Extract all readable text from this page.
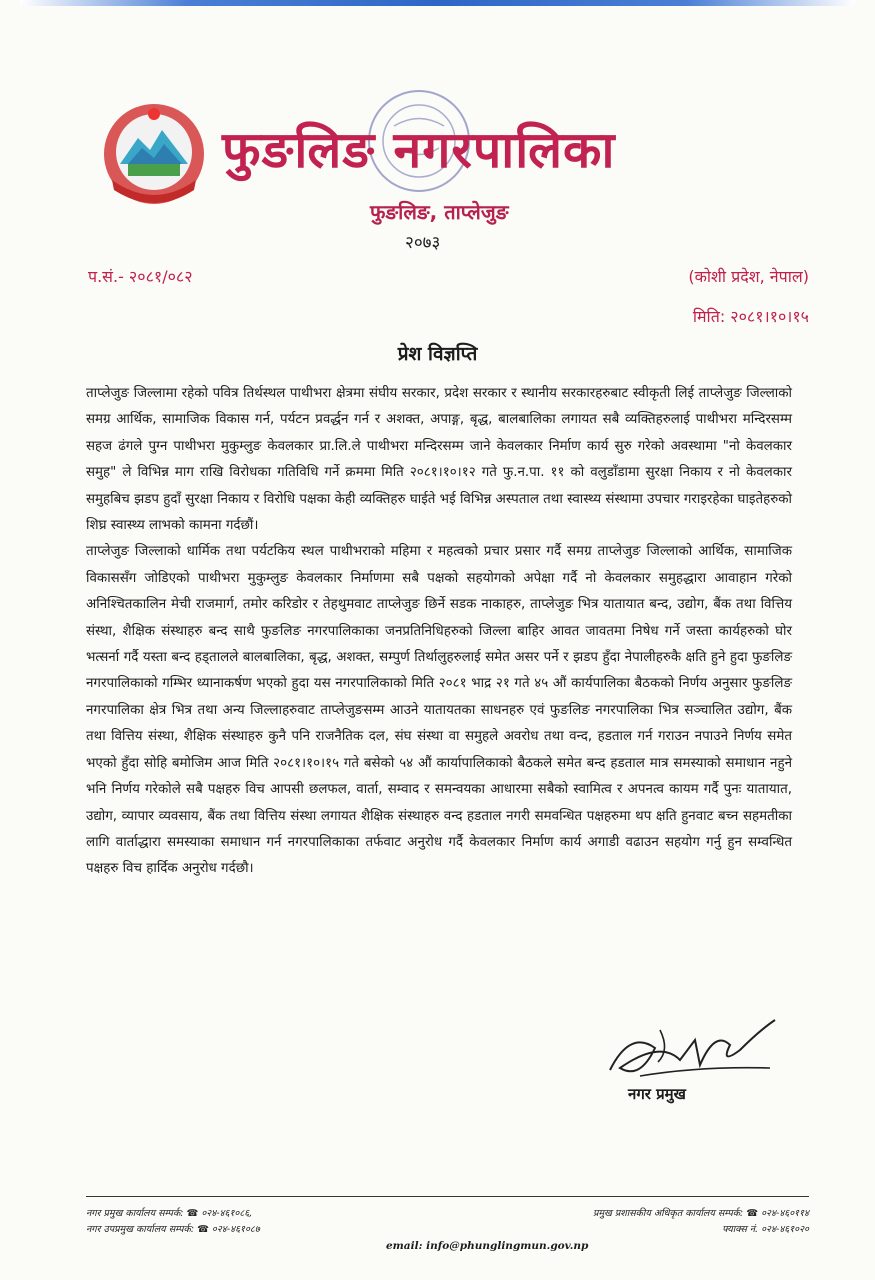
फुङलिङ नगरपालिका
फुङलिङ, ताप्लेजुङ
२०७३
प.सं.- २०८१/०८२	(कोशी प्रदेश, नेपाल)
मिति: २०८१।१०।१५
प्रेश विज्ञप्ति

ताप्लेजुङ जिल्लामा रहेको पवित्र तिर्थस्थल पाथीभरा क्षेत्रमा संघीय सरकार, प्रदेश सरकार र स्थानीय सरकारहरुबाट स्वीकृती लिई ताप्लेजुङ जिल्लाको समग्र आर्थिक, सामाजिक विकास गर्न, पर्यटन प्रवर्द्धन गर्न र अशक्त, अपाङ्ग, बृद्ध, बालबालिका लगायत सबै व्यक्तिहरुलाई पाथीभरा मन्दिरसम्म सहज ढंगले पुग्न पाथीभरा मुकुम्लुङ केवलकार प्रा.लि.ले पाथीभरा मन्दिरसम्म जाने केवलकार निर्माण कार्य सुरु गरेको अवस्थामा "नो केवलकार समुह" ले विभिन्न माग राखि विरोधका गतिविधि गर्ने क्रममा मिति २०८१।१०।१२ गते फु.न.पा. ११ को वलुडाँडामा सुरक्षा निकाय र नो केवलकार समुहबिच झडप हुदाँ सुरक्षा निकाय र विरोधि पक्षका केही व्यक्तिहरु घाईते भई विभिन्न अस्पताल तथा स्वास्थ्य संस्थामा उपचार गराइरहेका घाइतेहरुको शिघ्र स्वास्थ्य लाभको कामना गर्दछौं।

ताप्लेजुङ जिल्लाको धार्मिक तथा पर्यटकिय स्थल पाथीभराको महिमा र महत्वको प्रचार प्रसार गर्दै समग्र ताप्लेजुङ जिल्लाको आर्थिक, सामाजिक विकाससँग जोडिएको पाथीभरा मुकुम्लुङ केवलकार निर्माणमा सबै पक्षको सहयोगको अपेक्षा गर्दै नो केवलकार समुहद्धारा आवाहान गरेको अनिश्चितकालिन मेची राजमार्ग, तमोर करिडोर र तेहथुमवाट ताप्लेजुङ छिर्ने सडक नाकाहरु, ताप्लेजुङ भित्र यातायात बन्द, उद्योग, बैंक तथा वित्तिय संस्था, शैक्षिक संस्थाहरु बन्द साथै फुङलिङ नगरपालिकाका जनप्रतिनिधिहरुको जिल्ला बाहिर आवत जावतमा निषेध गर्ने जस्ता कार्यहरुको घोर भत्सर्ना गर्दै यस्ता बन्द हड्तालले बालबालिका, बृद्ध, अशक्त, सम्पुर्ण तिर्थालुहरुलाई समेत असर पर्ने र झडप हुँदा नेपालीहरुकै क्षति हुने हुदा फुङलिङ नगरपालिकाको गम्भिर ध्यानाकर्षण भएको हुदा यस नगरपालिकाको मिति २०८१ भाद्र २१ गते ४५ औं कार्यपालिका बैठकको निर्णय अनुसार फुङलिङ नगरपालिका क्षेत्र भित्र तथा अन्य जिल्लाहरुवाट ताप्लेजुङसम्म आउने यातायतका साधनहरु एवं फुङलिङ नगरपालिका भित्र सञ्चालित उद्योग, बैंक तथा वित्तिय संस्था, शैक्षिक संस्थाहरु कुनै पनि राजनैतिक दल, संघ संस्था वा समुहले अवरोध तथा वन्द, हडताल गर्न गराउन नपाउने निर्णय समेत भएको हुँदा सोहि बमोजिम आज मिति २०८१।१०।१५ गते बसेको ५४ औं कार्यापालिकाको बैठकले समेत बन्द हडताल मात्र समस्याको समाधान नहुने भनि निर्णय गरेकोले सबै पक्षहरु विच आपसी छलफल, वार्ता, सम्वाद र समन्वयका आधारमा सबैको स्वामित्व र अपनत्व कायम गर्दै पुनः यातायात, उद्योग, व्यापार व्यवसाय, बैंक तथा वित्तिय संस्था लगायत शैक्षिक संस्थाहरु वन्द हडताल नगरी समवन्धित पक्षहरुमा थप क्षति हुनवाट बच्न सहमतीका लागि वार्ताद्धारा समस्याका समाधान गर्न नगरपालिकाका तर्फवाट अनुरोध गर्दै केवलकार निर्माण कार्य अगाडी वढाउन सहयोग गर्नु हुन सम्वन्धित पक्षहरु विच हार्दिक अनुरोध गर्दछौ।

नगर प्रमुख
नगर प्रमुख कार्यालय सम्पर्क: ☎ ०२४-४६१०८६,
नगर उपप्रमुख कार्यालय सम्पर्क: ☎ ०२४-४६१०८७
प्रमुख प्रशासकीय अधिकृत कार्यालय सम्पर्क: ☎ ०२४-४६०११४
फ्याक्स नं. ०२४-४६१०२०
email: info@phunglingmun.gov.np
